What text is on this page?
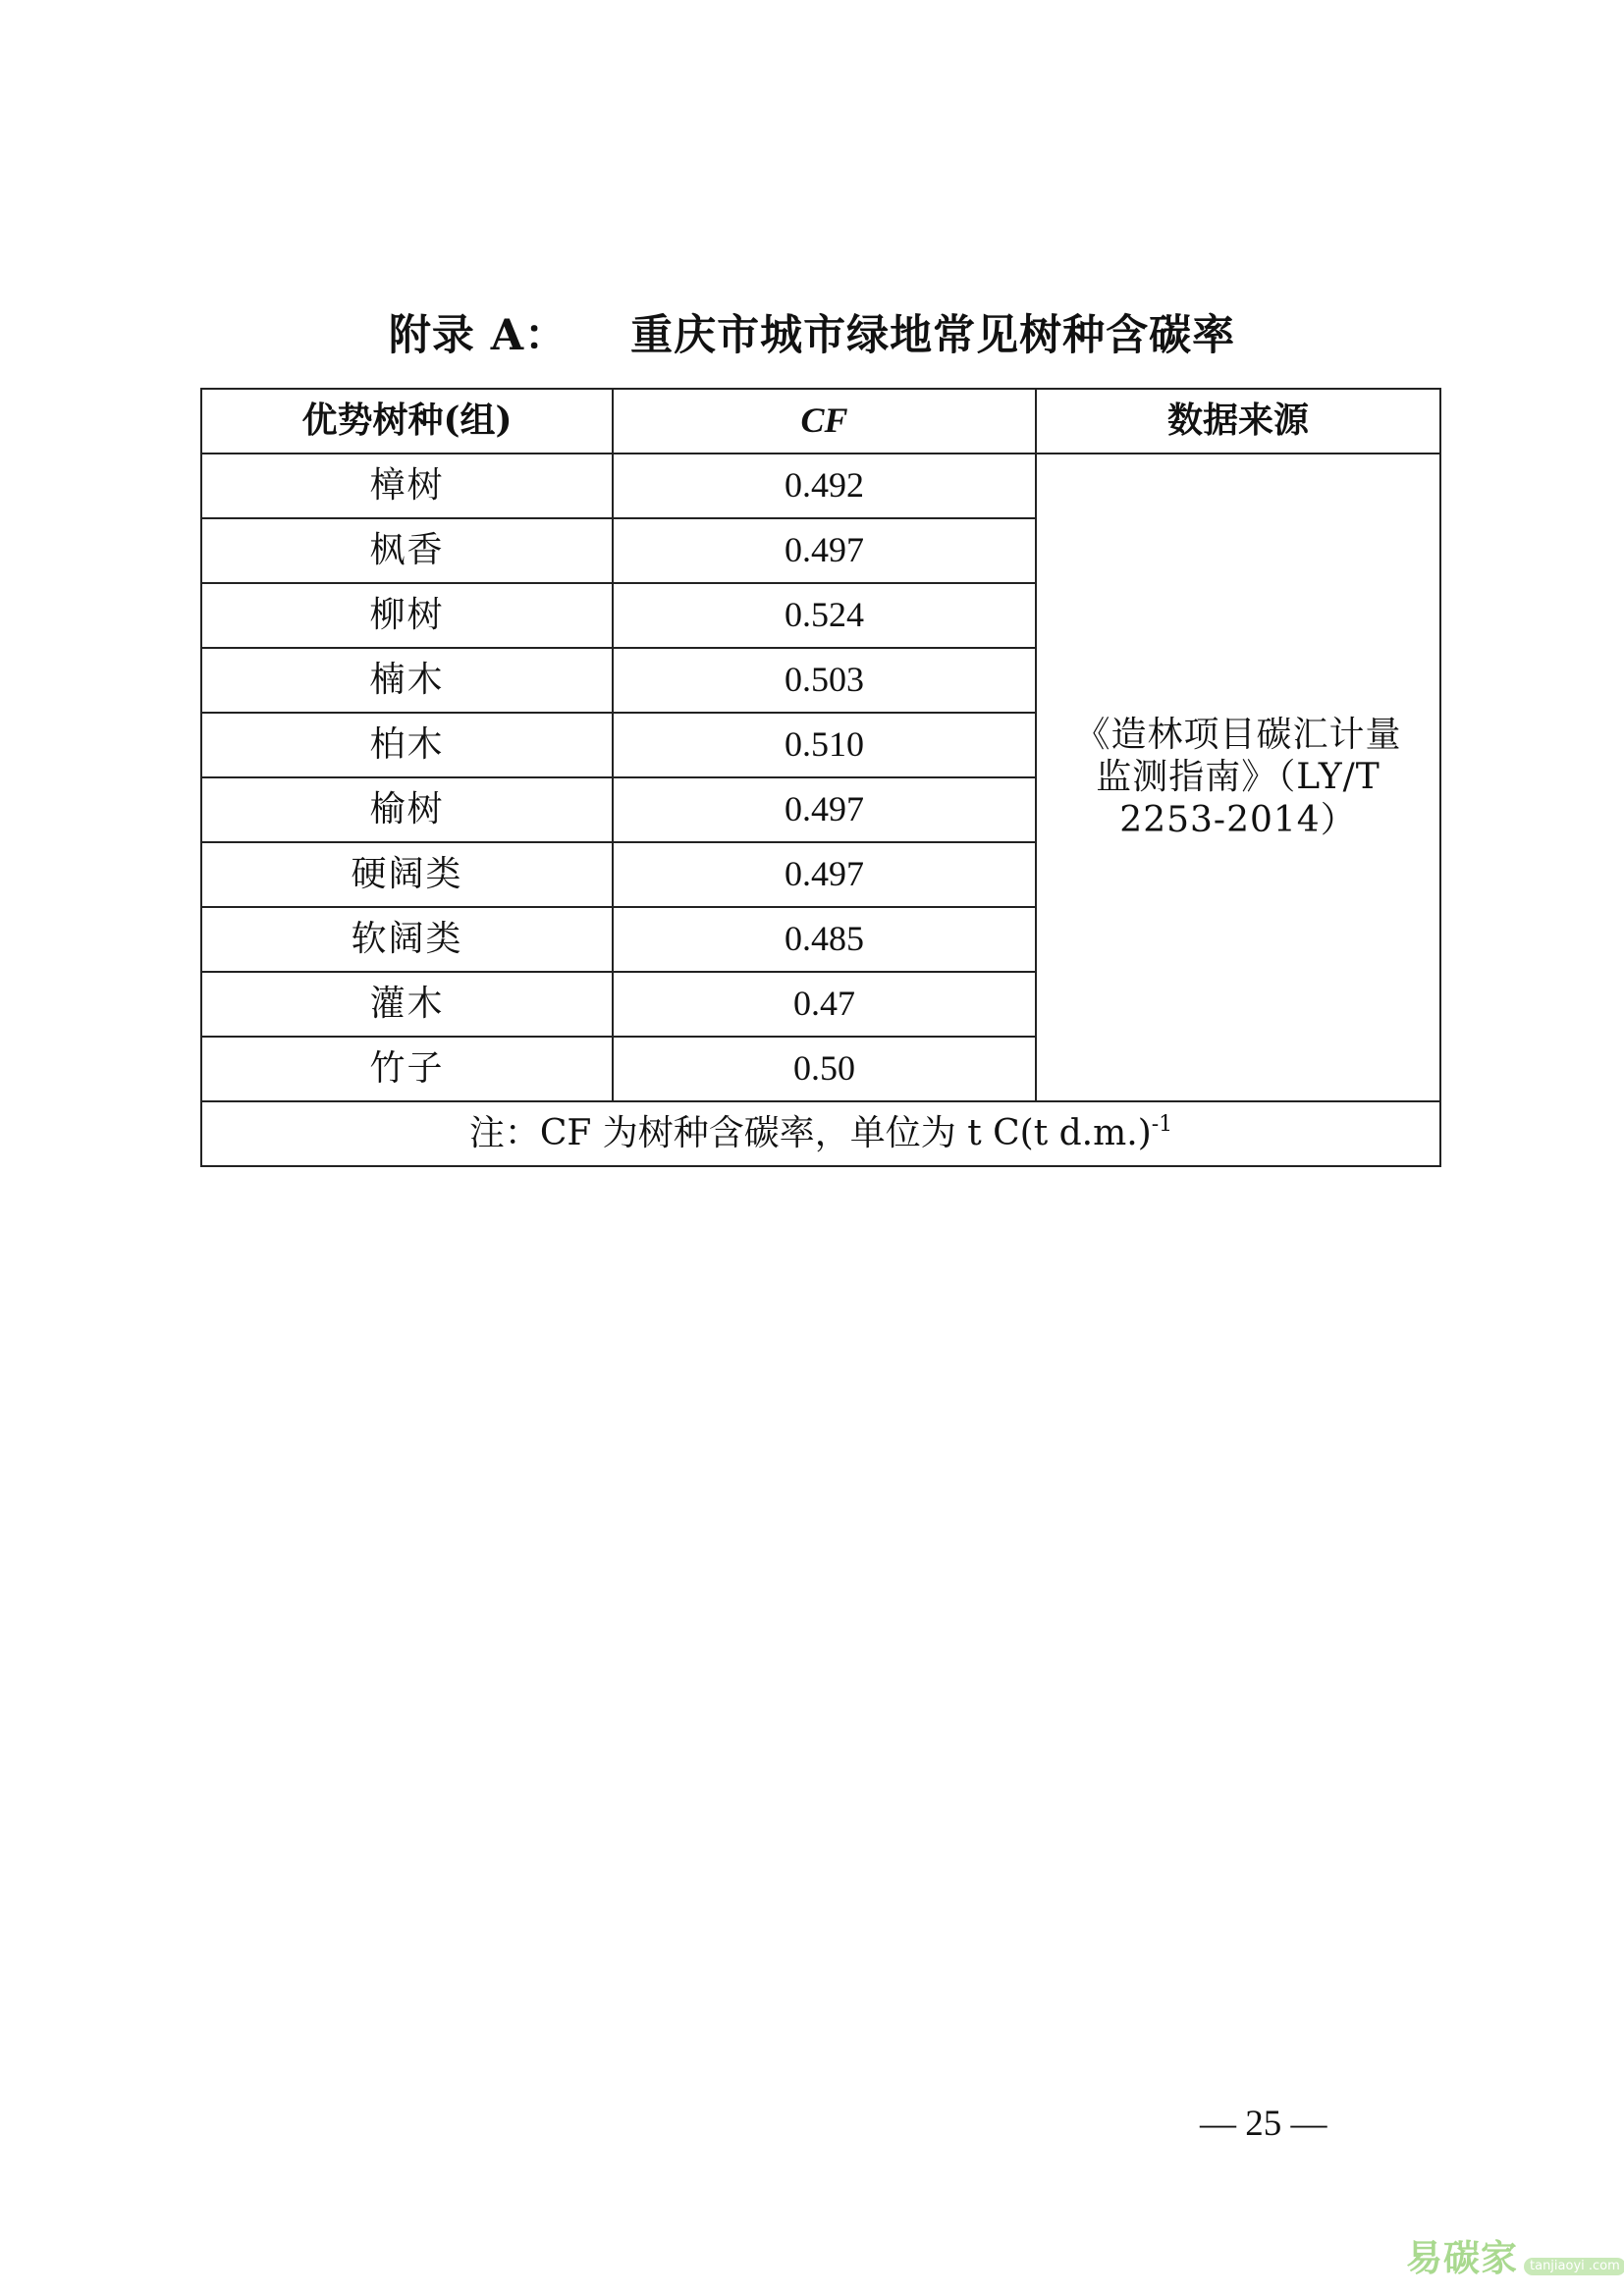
附录 A： 重庆市城市绿地常见树种含碳率
优势树种(组)	CF	数据来源
樟树	0.492	《造林项目碳汇计量
监测指南》（LY/T
2253-2014）

枫香	0.497	
柳树	0.524	
楠木	0.503	
柏木	0.510	
榆树	0.497	
硬阔类	0.497	
软阔类	0.485	
灌木	0.47	
竹子	0.50	
注：CF 为树种含碳率，单位为 t C(t d.m.)$^{-1}$
— 25 —
易碳家 tanjiaoyi .com
